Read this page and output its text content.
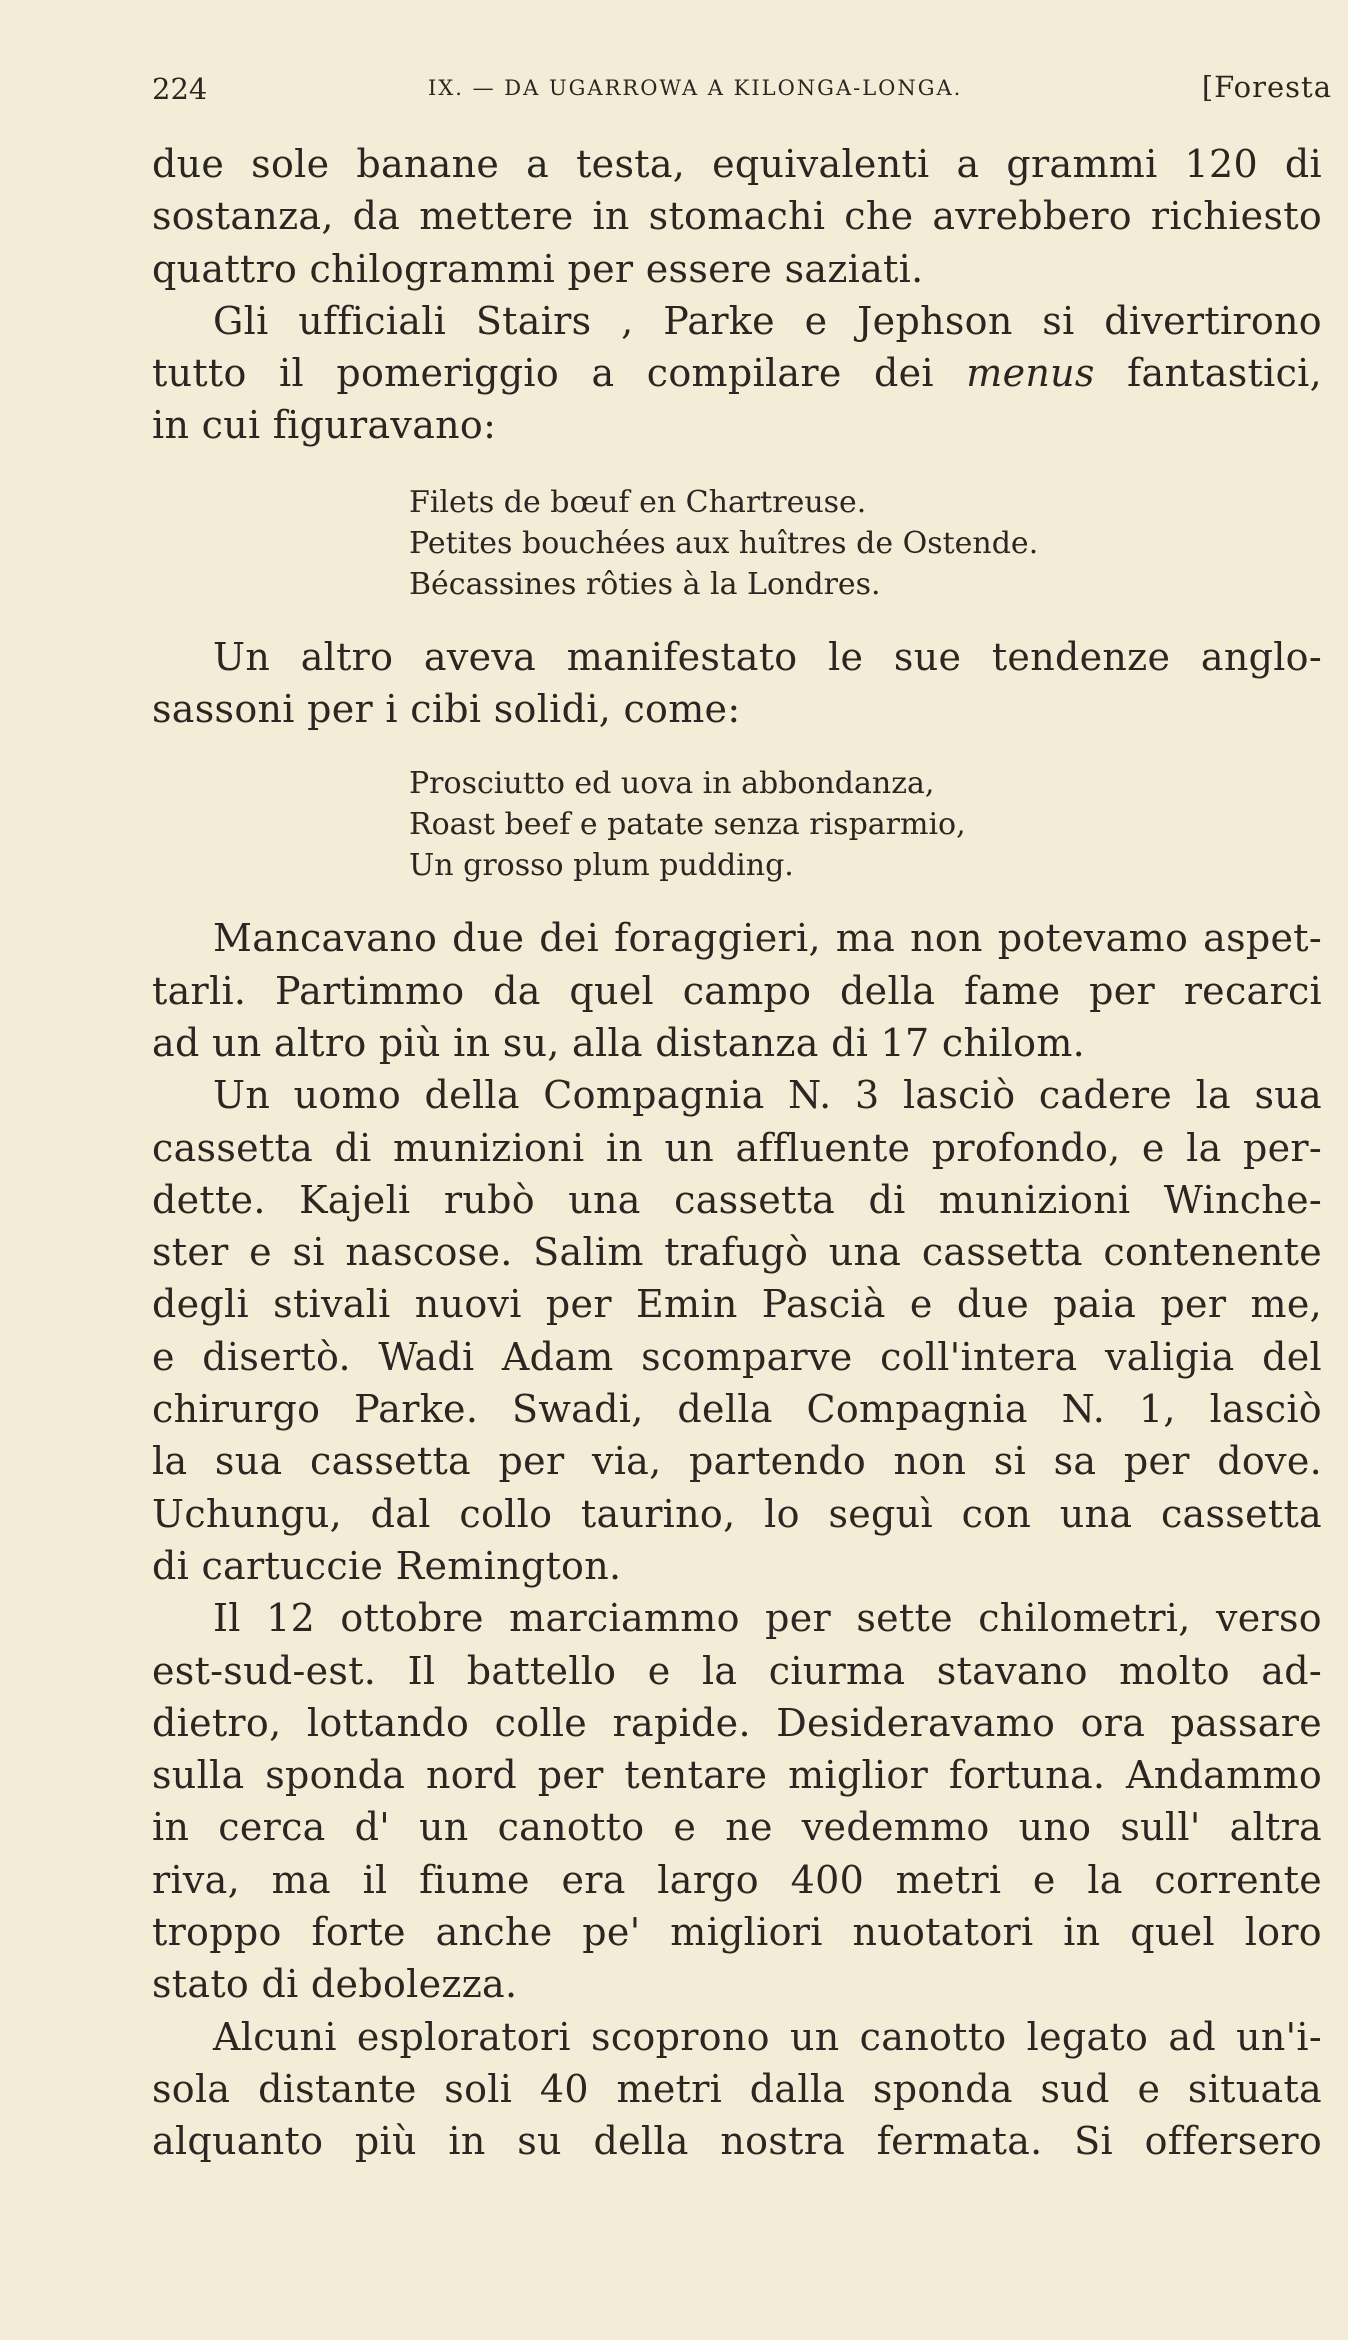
224	IX. — DA UGARROWA A KILONGA-LONGA.	[Foresta
due sole banane a testa, equivalenti a grammi 120 di
sostanza, da mettere in stomachi che avrebbero richiesto
quattro chilogrammi per essere saziati.
Gli ufficiali Stairs , Parke e Jephson si divertirono
tutto il pomeriggio a compilare dei menus fantastici,
in cui figuravano:
Filets de bœuf en Chartreuse.
Petites bouchées aux huîtres de Ostende.
Bécassines rôties à la Londres.
Un altro aveva manifestato le sue tendenze anglo-
sassoni per i cibi solidi, come:
Prosciutto ed uova in abbondanza,
Roast beef e patate senza risparmio,
Un grosso plum pudding.
Mancavano due dei foraggieri, ma non potevamo aspet-
tarli. Partimmo da quel campo della fame per recarci
ad un altro più in su, alla distanza di 17 chilom.
Un uomo della Compagnia N. 3 lasciò cadere la sua
cassetta di munizioni in un affluente profondo, e la per-
dette. Kajeli rubò una cassetta di munizioni Winche-
ster e si nascose. Salim trafugò una cassetta contenente
degli stivali nuovi per Emin Pascià e due paia per me,
e disertò. Wadi Adam scomparve coll'intera valigia del
chirurgo Parke. Swadi, della Compagnia N. 1, lasciò
la sua cassetta per via, partendo non si sa per dove.
Uchungu, dal collo taurino, lo seguì con una cassetta
di cartuccie Remington.
Il 12 ottobre marciammo per sette chilometri, verso
est-sud-est. Il battello e la ciurma stavano molto ad-
dietro, lottando colle rapide. Desideravamo ora passare
sulla sponda nord per tentare miglior fortuna. Andammo
in cerca d' un canotto e ne vedemmo uno sull' altra
riva, ma il fiume era largo 400 metri e la corrente
troppo forte anche pe' migliori nuotatori in quel loro
stato di debolezza.
Alcuni esploratori scoprono un canotto legato ad un'i-
sola distante soli 40 metri dalla sponda sud e situata
alquanto più in su della nostra fermata. Si offersero
